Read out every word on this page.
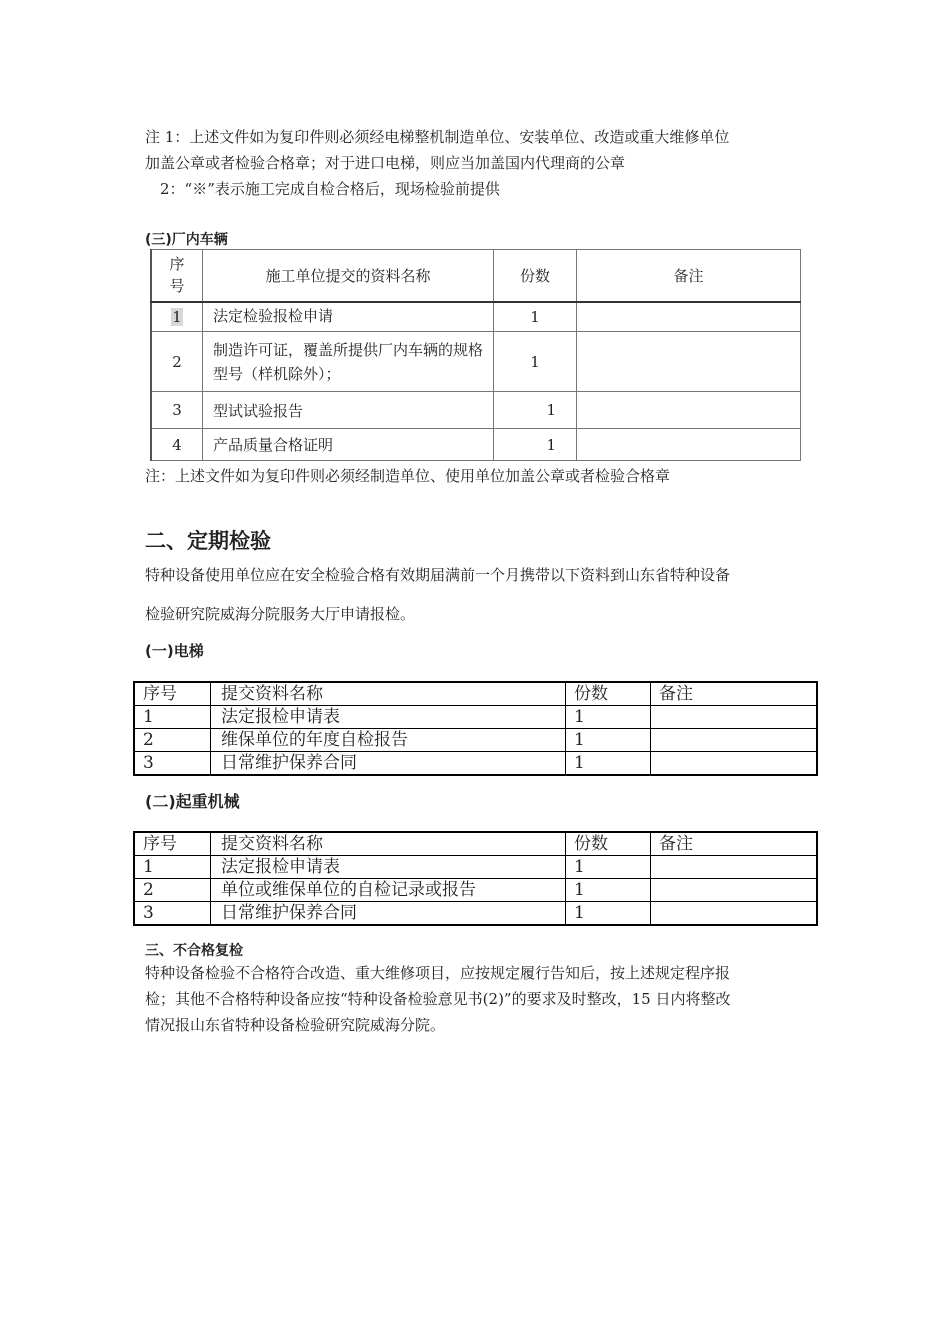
注 1：上述文件如为复印件则必须经电梯整机制造单位、安装单位、改造或重大维修单位
加盖公章或者检验合格章；对于进口电梯，则应当加盖国内代理商的公章
2：“※”表示施工完成自检合格后，现场检验前提供
(三)厂内车辆
序号	施工单位提交的资料名称	份数	备注
1	法定检验报检申请	1	
2	制造许可证，覆盖所提供厂内车辆的规格型号（样机除外）；	1	
3	型试试验报告	1	
4	产品质量合格证明	1	
注：上述文件如为复印件则必须经制造单位、使用单位加盖公章或者检验合格章
二、定期检验
特种设备使用单位应在安全检验合格有效期届满前一个月携带以下资料到山东省特种设备
检验研究院威海分院服务大厅申请报检。
(一)电梯
序号	提交资料名称	份数	备注
1	法定报检申请表	1	
2	维保单位的年度自检报告	1	
3	日常维护保养合同	1	
(二)起重机械
序号	提交资料名称	份数	备注
1	法定报检申请表	1	
2	单位或维保单位的自检记录或报告	1	
3	日常维护保养合同	1	
三、不合格复检
特种设备检验不合格符合改造、重大维修项目，应按规定履行告知后，按上述规定程序报
检；其他不合格特种设备应按“特种设备检验意见书(2)”的要求及时整改，15 日内将整改
情况报山东省特种设备检验研究院威海分院。
